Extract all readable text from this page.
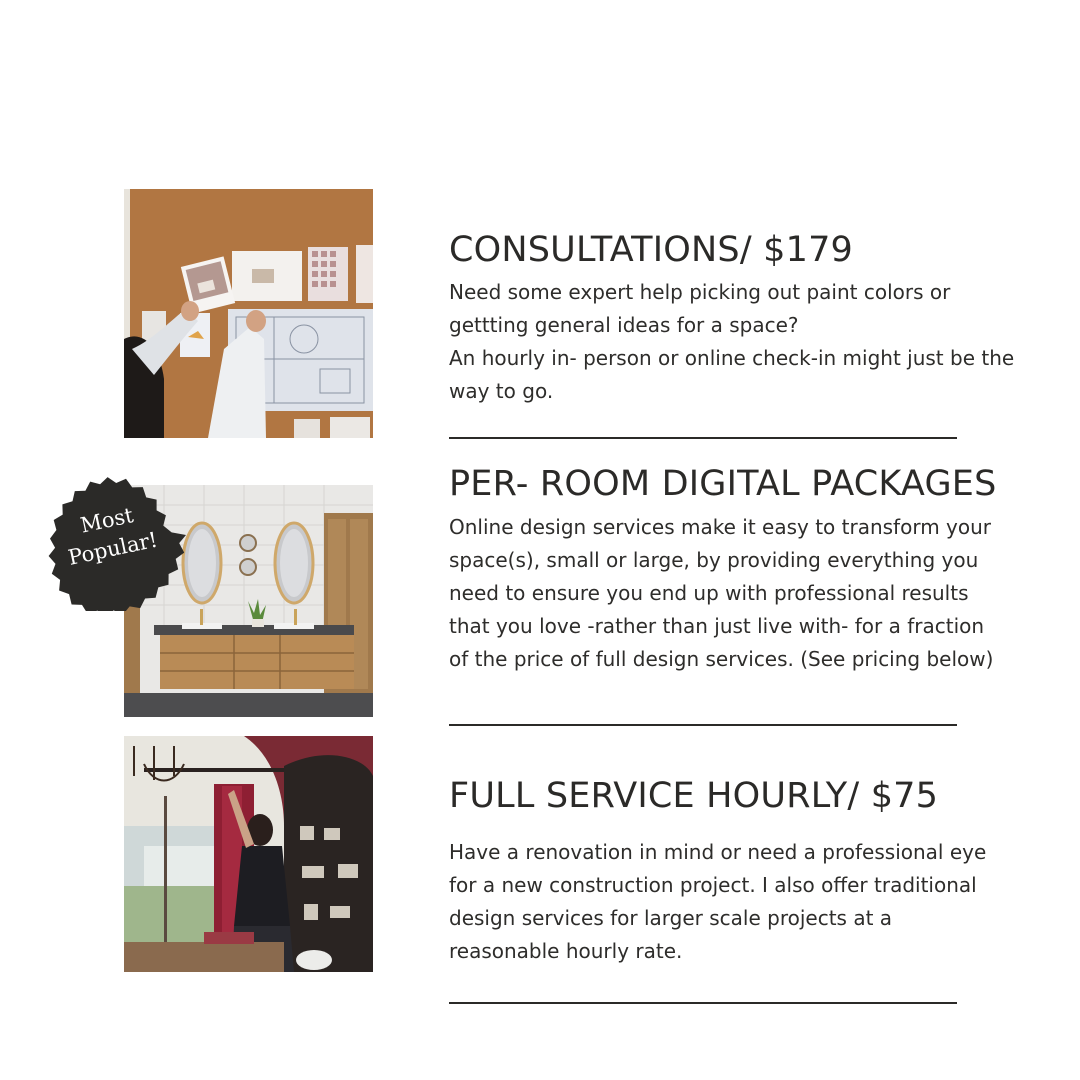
Most
Popular!
CONSULTATIONS/ $179
Need some expert help picking out paint colors or
gettting general ideas for a space?
An hourly in- person or online check-in might just be the
way to go.
PER- ROOM DIGITAL PACKAGES
Online design services make it easy to transform your
space(s), small or large, by providing everything you
need to ensure you end up with professional results
that you love -rather than just live with- for a fraction
of the price of full design services. (See pricing below)
FULL SERVICE HOURLY/ $75
Have a renovation in mind or need a professional eye
for a new construction project. I also offer traditional
design services for larger scale projects at a
reasonable hourly rate.
